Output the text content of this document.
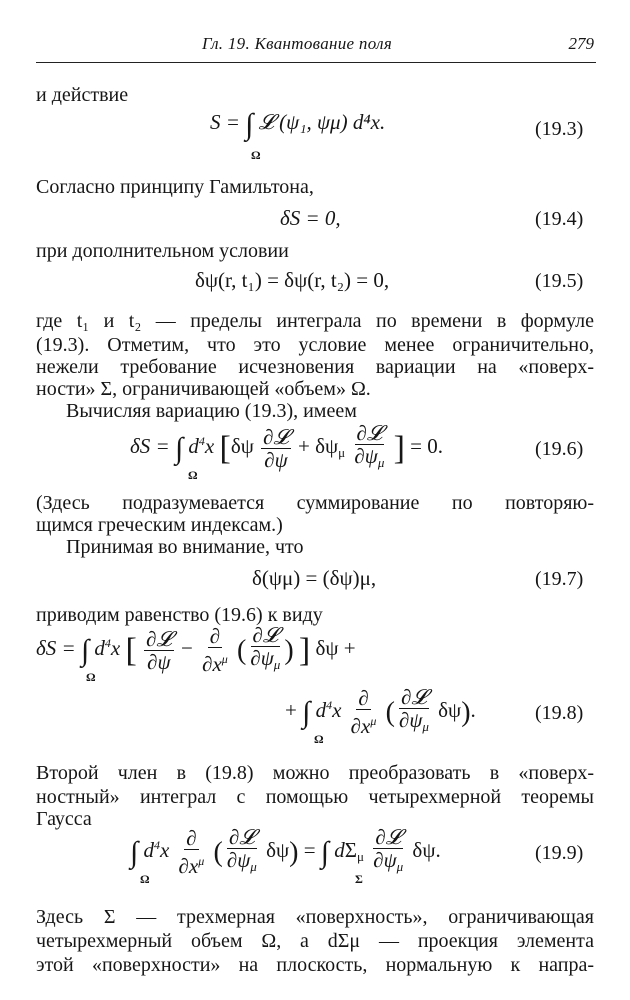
Гл. 19. Квантование поля	279
и действие
S = ∫ 𝓛 (ψ₁, ψμ) d⁴x.
Ω
(19.3)
Согласно принципу Гамильтона,
δS = 0,	(19.4)
при дополнительном условии
δψ(r, t₁) = δψ(r, t₂) = 0,	(19.5)
где t₁ и t₂ — пределы интеграла по времени в формуле
(19.3). Отметим, что это условие менее ограничительно,
нежели требование исчезновения вариации на «поверх-
ности» Σ, ограничивающей «объем» Ω.
Вычисляя вариацию (19.3), имеем
δS = ∫ $d^4x$ [$\delta\psi \frac{\text{∂𝓛}}{\partial\psi} + \delta\psi_\mu \frac{\text{∂𝓛}}{\partial\psi_\mu}$ ] = 0.
Ω
(19.6)
(Здесь подразумевается суммирование по повторяю-
щимся греческим индексам.)
Принимая во внимание, что
δ(ψμ) = (δψ)μ,	(19.7)
приводим равенство (19.6) к виду
δS = ∫ $d^4x$ [ $\frac{\text{∂𝓛}}{\partial\psi} - \frac{\partial}{\partial x^\mu}$ ( $\frac{\text{∂𝓛}}{\partial\psi_\mu}$ ) ] δψ +
Ω
+ ∫ $d^4x \frac{\partial}{\partial x^\mu}$ ( $\frac{\text{∂𝓛}}{\partial\psi_\mu} \delta\psi$).
Ω
(19.8)
Второй член в (19.8) можно преобразовать в «поверх-
ностный» интеграл с помощью четырехмерной теоремы
Гаусса
∫ $d^4x \frac{\partial}{\partial x^\mu}$ ( $\frac{\text{∂𝓛}}{\partial\psi_\mu} \delta\psi$) = ∫ $d\Sigma_\mu \frac{\text{∂𝓛}}{\partial\psi_\mu} \delta\psi$.
Ω	Σ
(19.9)
Здесь Σ — трехмерная «поверхность», ограничивающая
четырехмерный объем Ω, а dΣμ — проекция элемента
этой «поверхности» на плоскость, нормальную к напра-
